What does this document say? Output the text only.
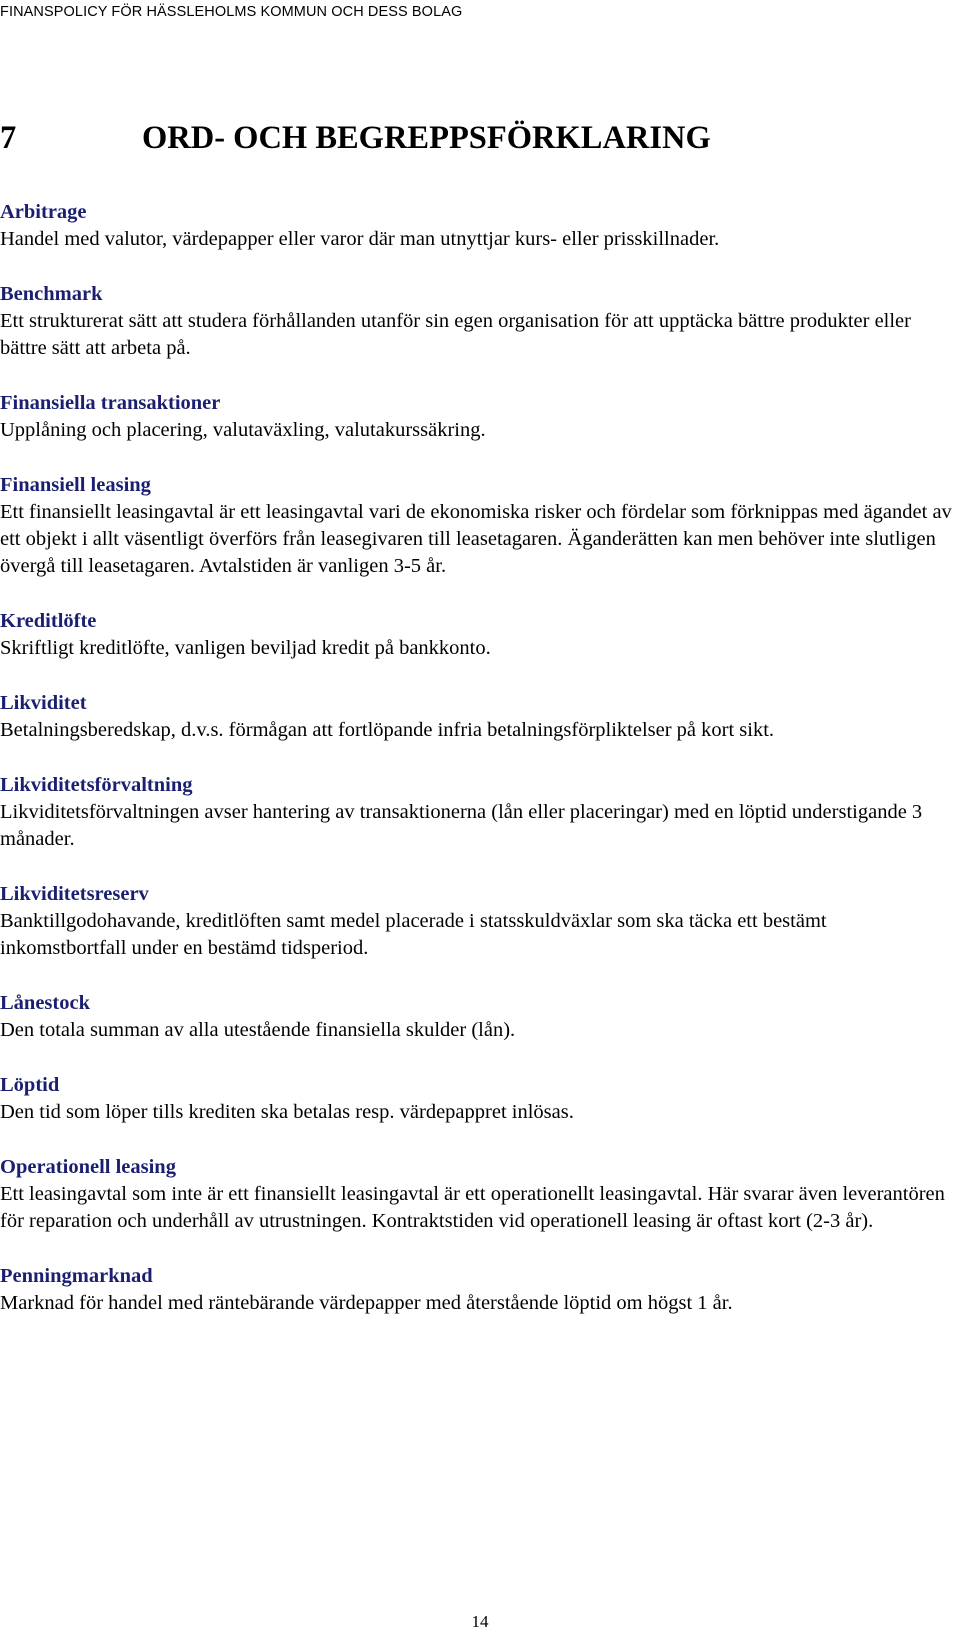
FINANSPOLICY FÖR HÄSSLEHOLMS KOMMUN OCH DESS BOLAG
7	ORD- OCH BEGREPPSFÖRKLARING
Arbitrage

Handel med valutor, värdepapper eller varor där man utnyttjar kurs- eller prisskillnader.

Benchmark

Ett strukturerat sätt att studera förhållanden utanför sin egen organisation för att upptäcka bättre produkter eller bättre sätt att arbeta på.

Finansiella transaktioner

Upplåning och placering, valutaväxling, valutakurssäkring.

Finansiell leasing

Ett finansiellt leasingavtal är ett leasingavtal vari de ekonomiska risker och fördelar som förknippas med ägandet av ett objekt i allt väsentligt överförs från leasegivaren till leasetagaren. Äganderätten kan men behöver inte slutligen övergå till leasetagaren. Avtalstiden är vanligen 3-5 år.

Kreditlöfte

Skriftligt kreditlöfte, vanligen beviljad kredit på bankkonto.

Likviditet

Betalningsberedskap, d.v.s. förmågan att fortlöpande infria betalningsförpliktelser på kort sikt.

Likviditetsförvaltning

Likviditetsförvaltningen avser hantering av transaktionerna (lån eller placeringar) med en löptid understigande 3 månader.

Likviditetsreserv

Banktillgodohavande, kreditlöften samt medel placerade i statsskuldväxlar som ska täcka ett bestämt inkomstbortfall under en bestämd tidsperiod.

Lånestock

Den totala summan av alla utestående finansiella skulder (lån).

Löptid

Den tid som löper tills krediten ska betalas resp. värdepappret inlösas.

Operationell leasing

Ett leasingavtal som inte är ett finansiellt leasingavtal är ett operationellt leasingavtal. Här svarar även leverantören för reparation och underhåll av utrustningen. Kontraktstiden vid operationell leasing är oftast kort (2-3 år).

Penningmarknad

Marknad för handel med räntebärande värdepapper med återstående löptid om högst 1 år.

14
